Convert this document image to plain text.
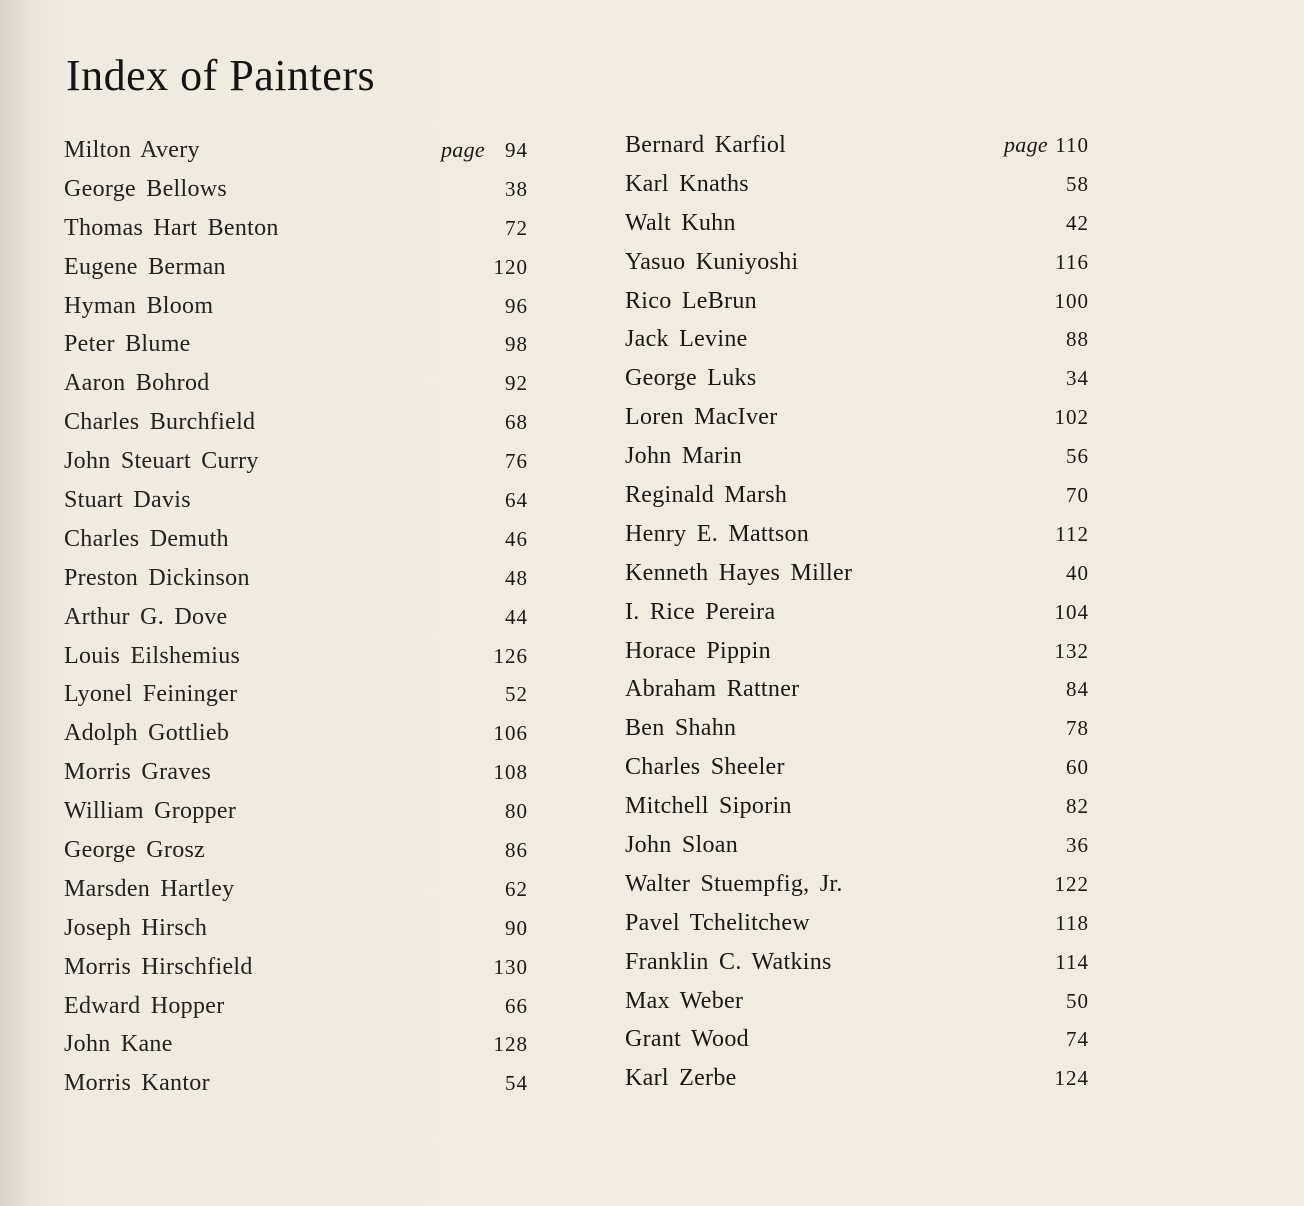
Index of Painters
Milton Avery	page 94
George Bellows	38
Thomas Hart Benton	72
Eugene Berman	120
Hyman Bloom	96
Peter Blume	98
Aaron Bohrod	92
Charles Burchfield	68
John Steuart Curry	76
Stuart Davis	64
Charles Demuth	46
Preston Dickinson	48
Arthur G. Dove	44
Louis Eilshemius	126
Lyonel Feininger	52
Adolph Gottlieb	106
Morris Graves	108
William Gropper	80
George Grosz	86
Marsden Hartley	62
Joseph Hirsch	90
Morris Hirschfield	130
Edward Hopper	66
John Kane	128
Morris Kantor	54
Bernard Karfiol	page 110
Karl Knaths	58
Walt Kuhn	42
Yasuo Kuniyoshi	116
Rico LeBrun	100
Jack Levine	88
George Luks	34
Loren MacIver	102
John Marin	56
Reginald Marsh	70
Henry E. Mattson	112
Kenneth Hayes Miller	40
I. Rice Pereira	104
Horace Pippin	132
Abraham Rattner	84
Ben Shahn	78
Charles Sheeler	60
Mitchell Siporin	82
John Sloan	36
Walter Stuempfig, Jr.	122
Pavel Tchelitchew	118
Franklin C. Watkins	114
Max Weber	50
Grant Wood	74
Karl Zerbe	124
